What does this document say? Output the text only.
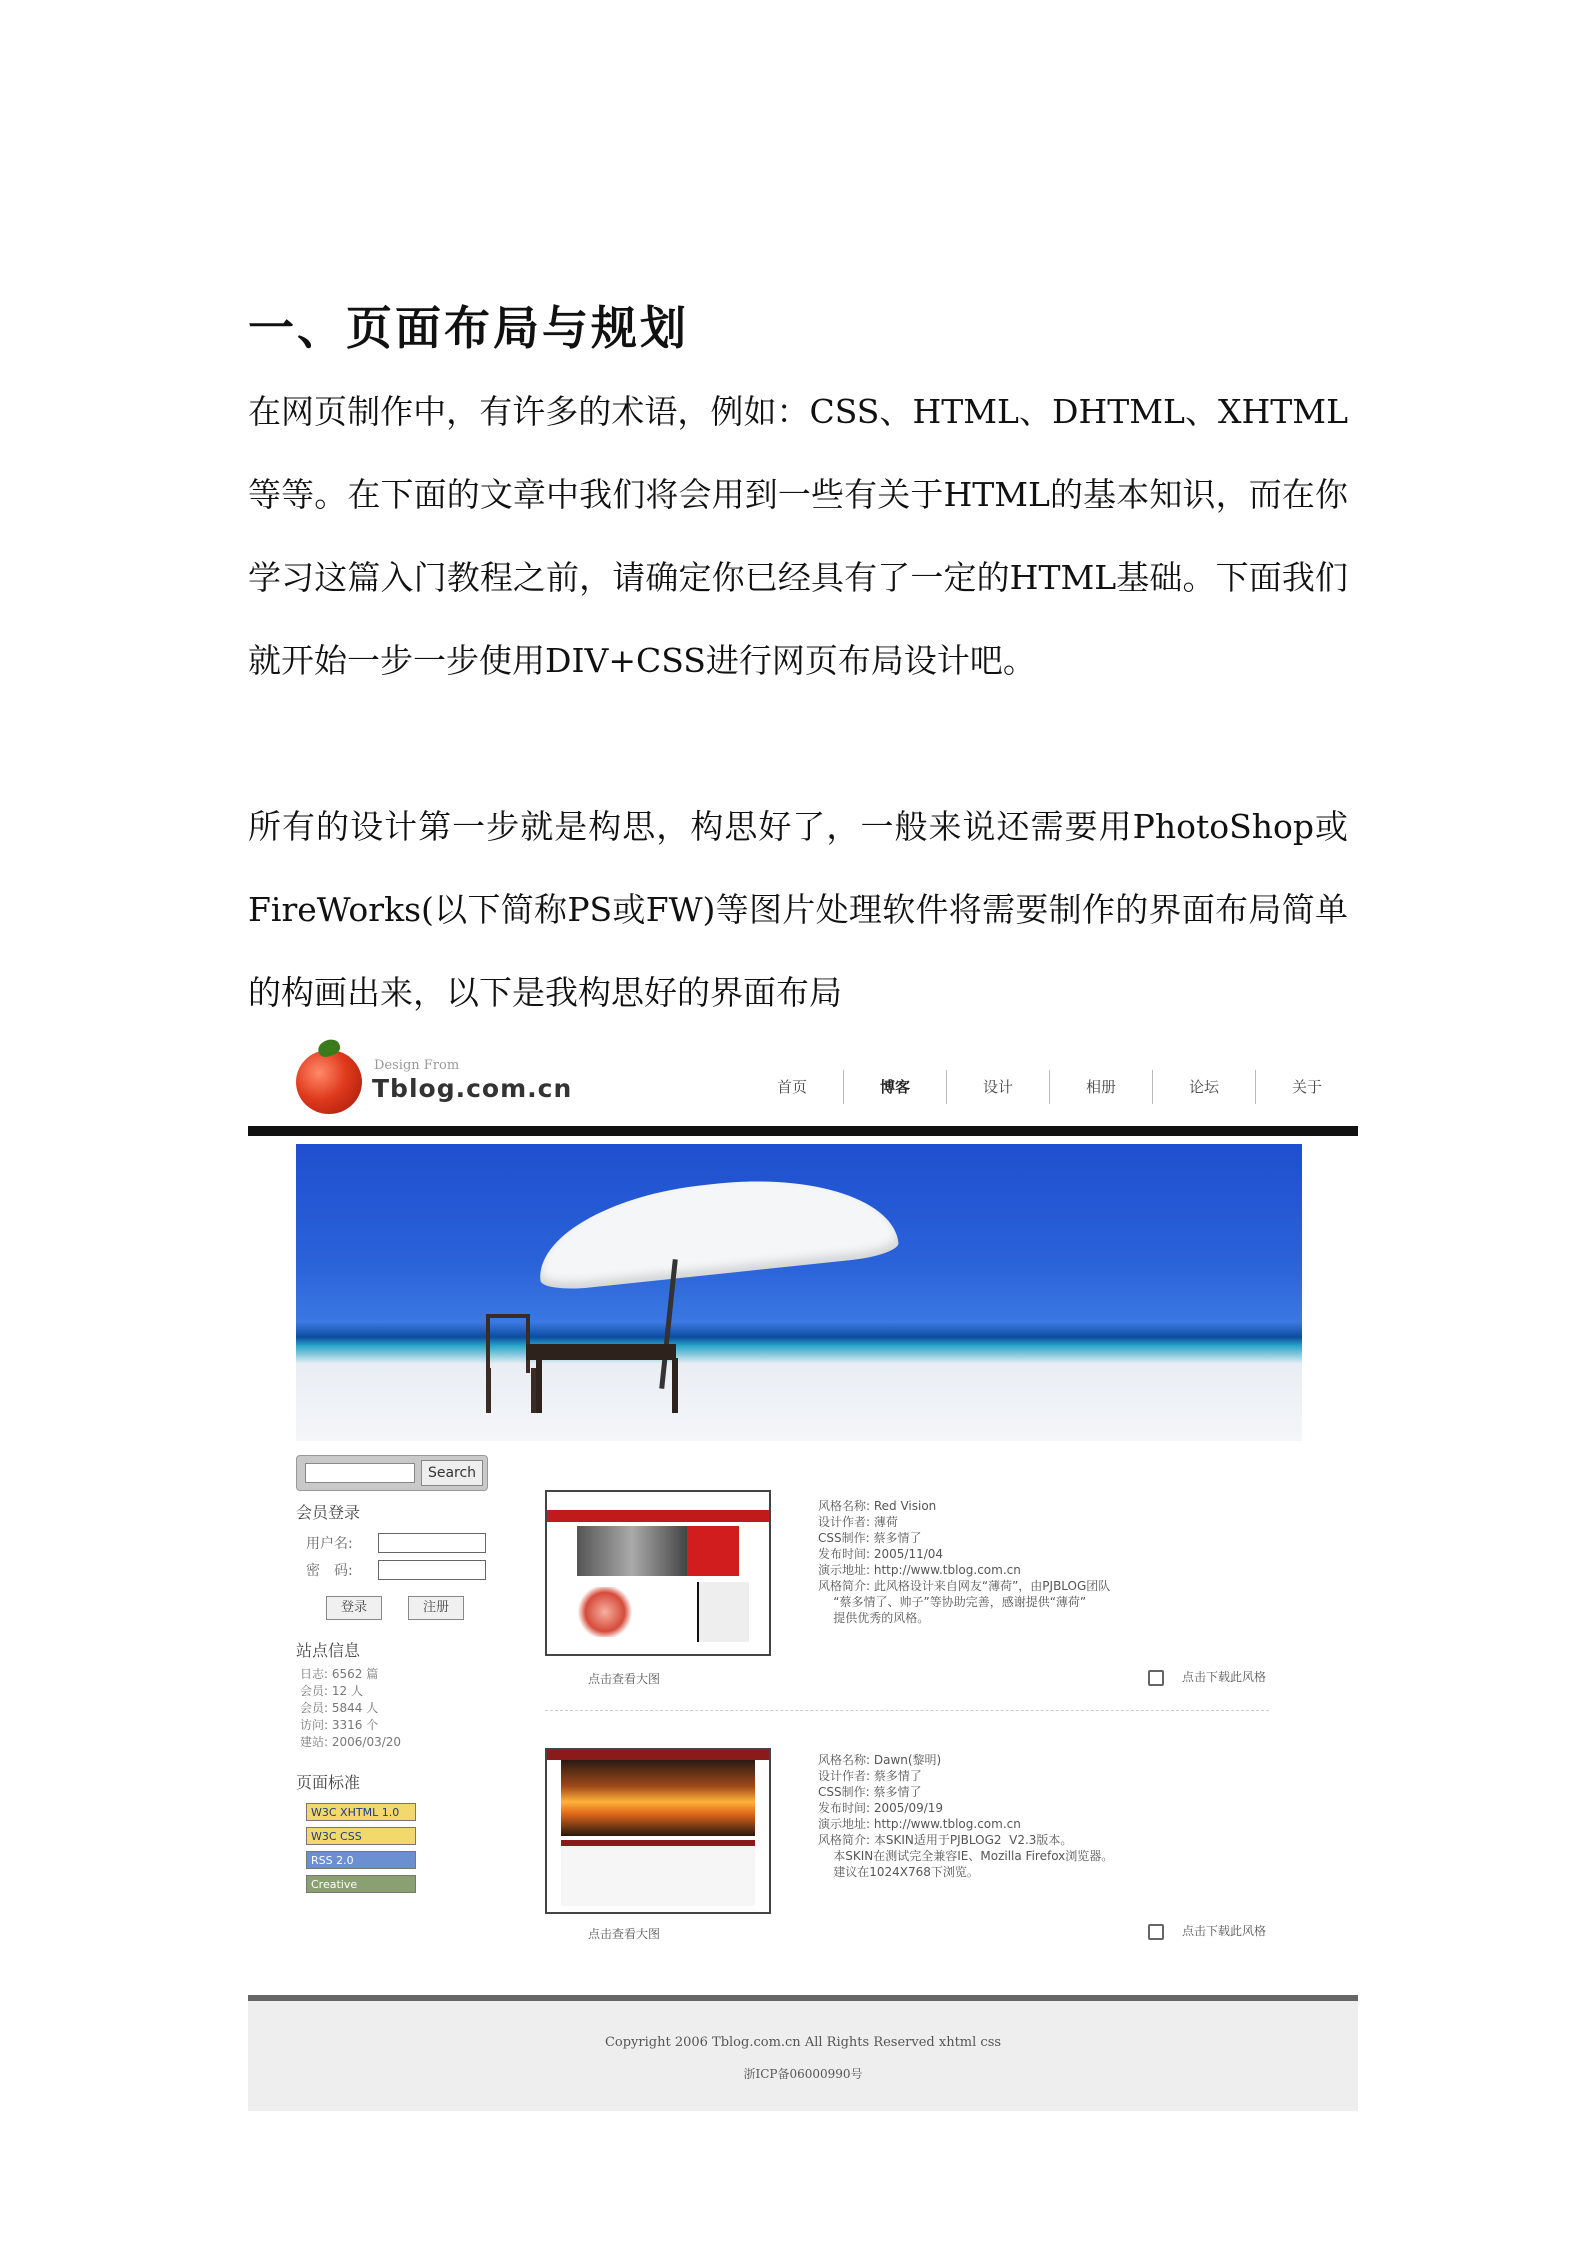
一、页面布局与规划

在网页制作中，有许多的术语，例如：CSS、HTML、DHTML、XHTML等等。在下面的文章中我们将会用到一些有关于HTML的基本知识，而在你学习这篇入门教程之前，请确定你已经具有了一定的HTML基础。下面我们就开始一步一步使用DIV+CSS进行网页布局设计吧。

所有的设计第一步就是构思，构思好了，一般来说还需要用PhotoShop或FireWorks(以下简称PS或FW)等图片处理软件将需要制作的界面布局简单的构画出来，以下是我构思好的界面布局

Design From
Tblog.com.cn	首页	博客	设计	相册	论坛	关于
Search
会员登录
用户名:
密　码:
登录	注册
站点信息
日志: 6562 篇
会员: 12 人
会员: 5844 人
访问: 3316 个
建站: 2006/03/20
页面标准
W3C XHTML 1.0
W3C CSS
RSS 2.0
Creative Commons
点击查看大图
风格名称: Red Vision
设计作者: 薄荷
CSS制作: 蔡多情了
发布时间: 2005/11/04
演示地址: http://www.tblog.com.cn
风格简介: 此风格设计来自网友“薄荷”，由PJBLOG团队
“蔡多情了、帅子”等协助完善，感谢提供“薄荷”
提供优秀的风格。
点击下载此风格
点击查看大图
风格名称: Dawn(黎明)
设计作者: 蔡多情了
CSS制作: 蔡多情了
发布时间: 2005/09/19
演示地址: http://www.tblog.com.cn
风格简介: 本SKIN适用于PJBLOG2  V2.3版本。
本SKIN在测试完全兼容IE、Mozilla Firefox浏览器。
建议在1024X768下浏览。
点击下载此风格
Copyright 2006 Tblog.com.cn All Rights Reserved xhtml css
浙ICP备06000990号
